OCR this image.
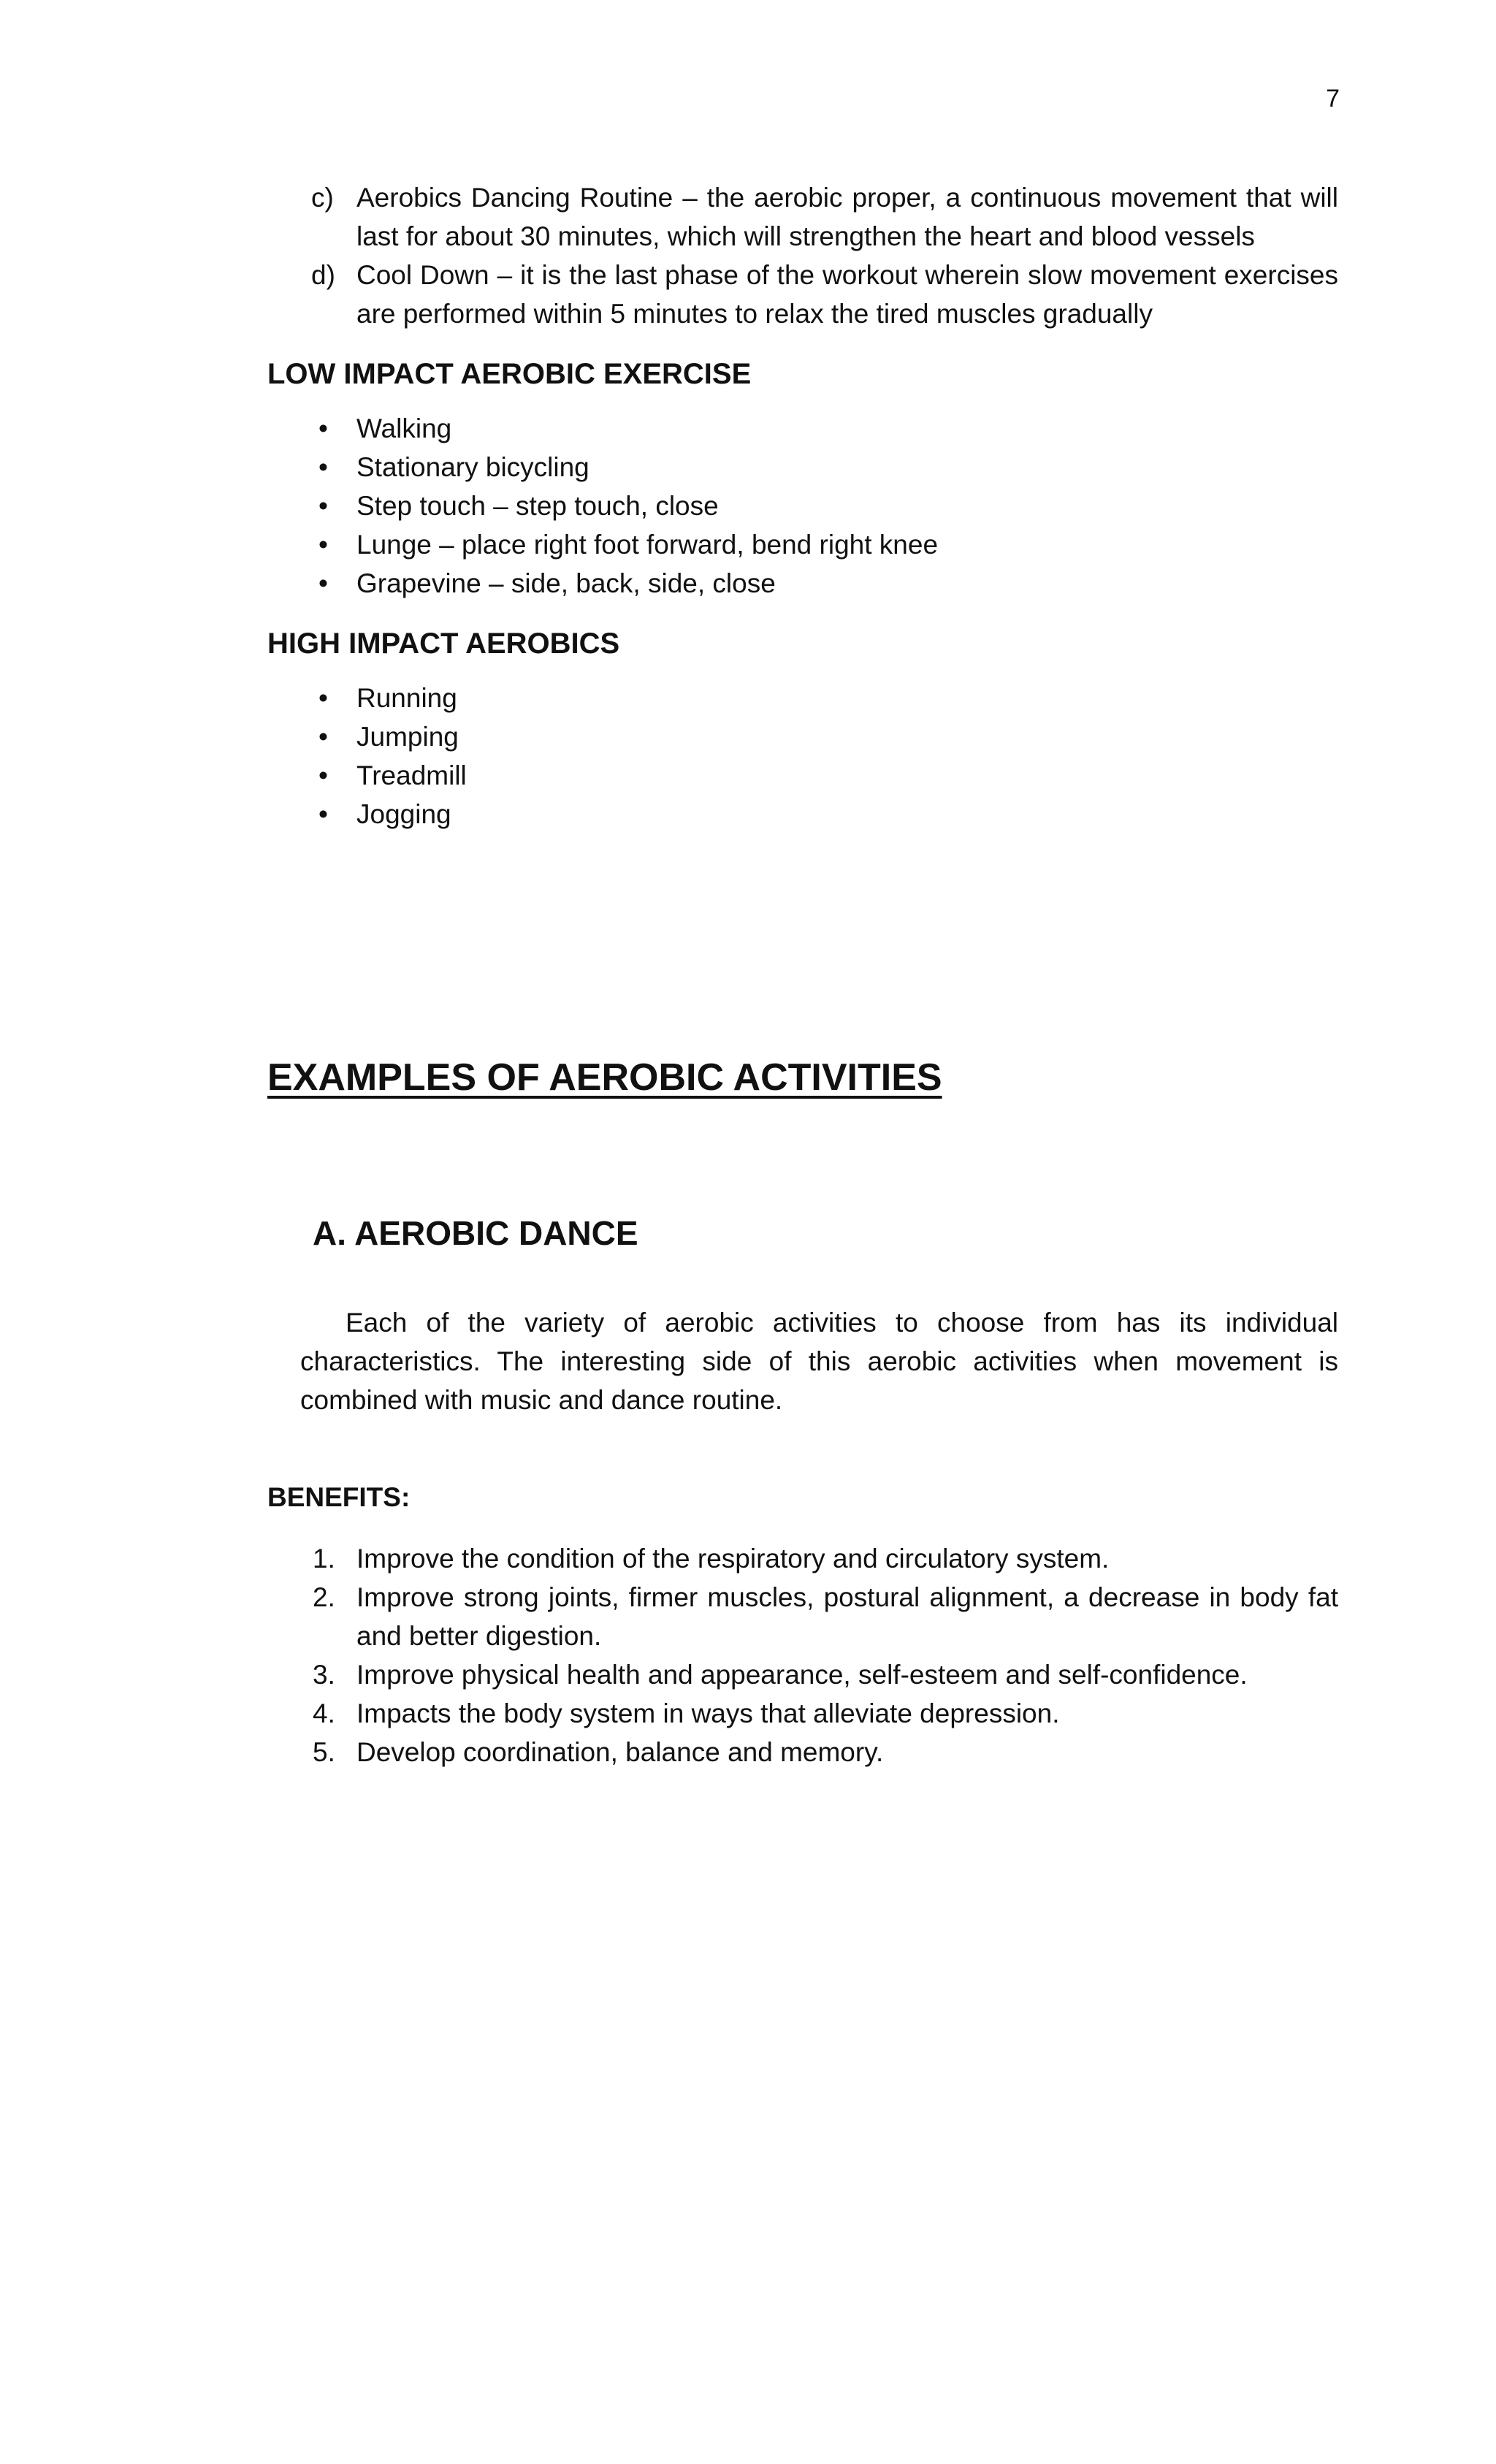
7
c) Aerobics Dancing Routine – the aerobic proper, a continuous movement that will last for about 30 minutes, which will strengthen the heart and blood vessels
d) Cool Down – it is the last phase of the workout wherein slow movement exercises are performed within 5 minutes to relax the tired muscles gradually
LOW IMPACT AEROBIC EXERCISE
• Walking
• Stationary bicycling
• Step touch – step touch, close
• Lunge – place right foot forward, bend right knee
• Grapevine – side, back, side, close
HIGH IMPACT AEROBICS
• Running
• Jumping
• Treadmill
• Jogging
EXAMPLES OF AEROBIC ACTIVITIES
A. AEROBIC DANCE

Each of the variety of aerobic activities to choose from has its individual characteristics. The interesting side of this aerobic activities when movement is combined with music and dance routine.

BENEFITS:
1. Improve the condition of the respiratory and circulatory system.
2. Improve strong joints, firmer muscles, postural alignment, a decrease in body fat and better digestion.
3. Improve physical health and appearance, self-esteem and self-confidence.
4. Impacts the body system in ways that alleviate depression.
5. Develop coordination, balance and memory.
